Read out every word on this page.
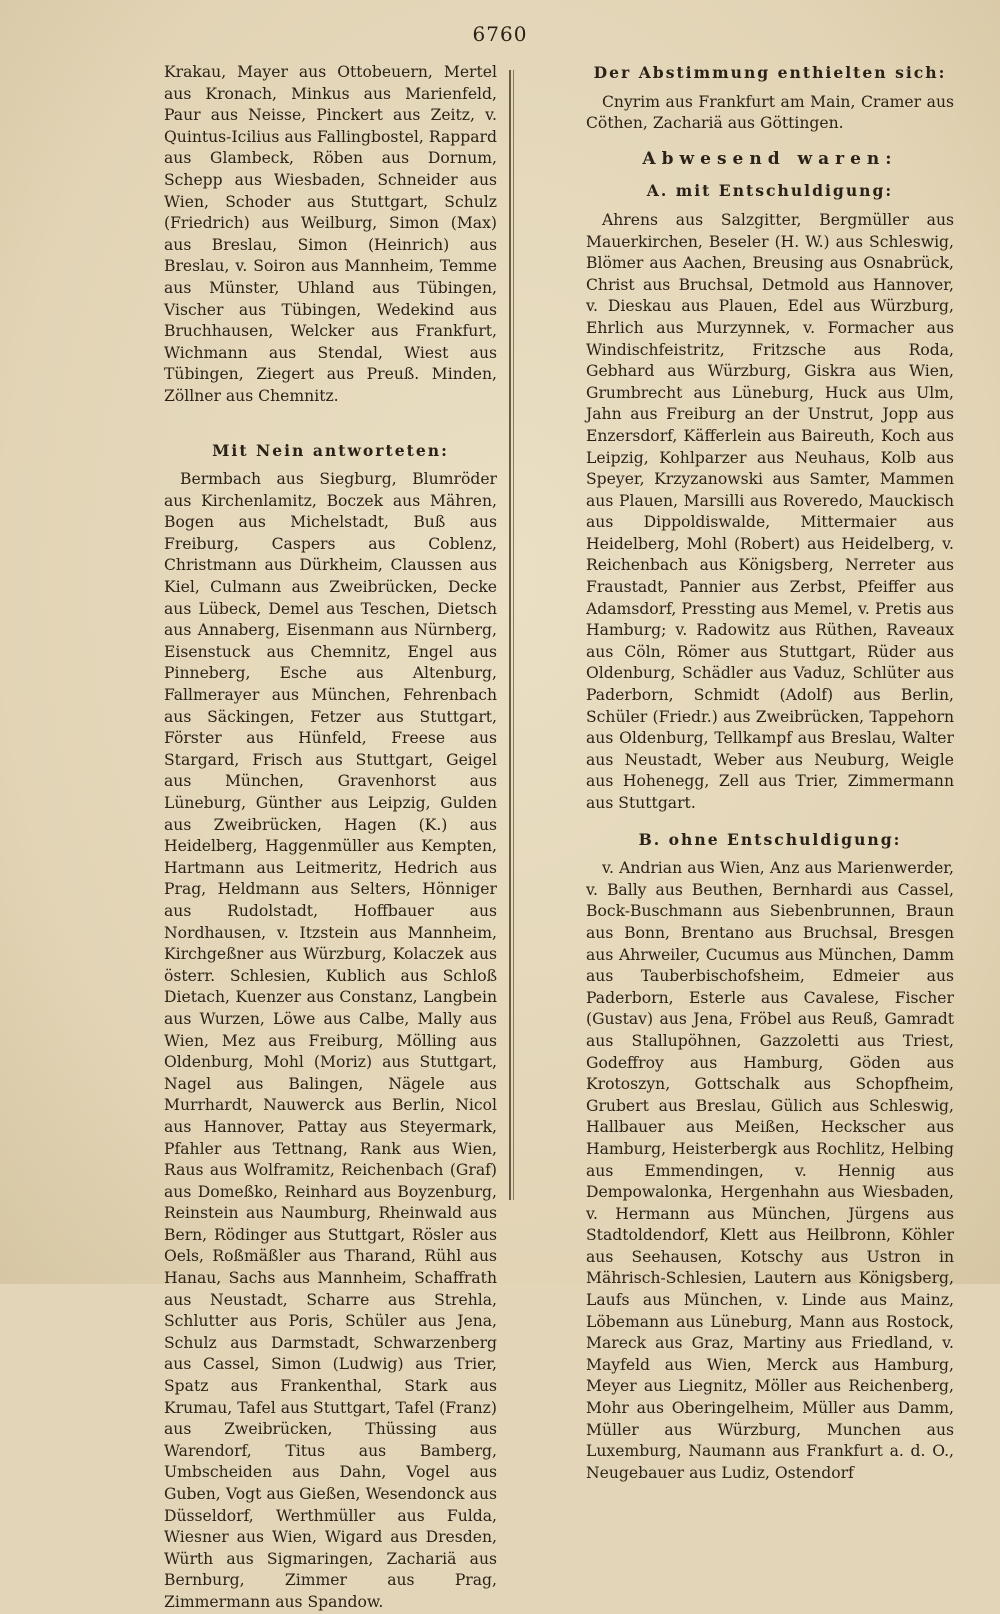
6760

Krakau, Mayer aus Ottobeuern, Mertel aus Kronach, Minkus aus Marienfeld, Paur aus Neisse, Pinckert aus Zeitz, v. Quintus-Icilius aus Fallingbostel, Rappard aus Glambeck, Röben aus Dornum, Schepp aus Wiesbaden, Schneider aus Wien, Schoder aus Stuttgart, Schulz (Friedrich) aus Weilburg, Simon (Max) aus Breslau, Simon (Heinrich) aus Breslau, v. Soiron aus Mannheim, Temme aus Münster, Uhland aus Tübingen, Vischer aus Tübingen, Wedekind aus Bruchhausen, Welcker aus Frankfurt, Wichmann aus Stendal, Wiest aus Tübingen, Ziegert aus Preuß. Minden, Zöllner aus Chemnitz.

Mit Nein antworteten:

Bermbach aus Siegburg, Blumröder aus Kirchenlamitz, Boczek aus Mähren, Bogen aus Michelstadt, Buß aus Freiburg, Caspers aus Coblenz, Christmann aus Dürkheim, Claussen aus Kiel, Culmann aus Zweibrücken, Decke aus Lübeck, Demel aus Teschen, Dietsch aus Annaberg, Eisenmann aus Nürnberg, Eisenstuck aus Chemnitz, Engel aus Pinneberg, Esche aus Altenburg, Fallmerayer aus München, Fehrenbach aus Säckingen, Fetzer aus Stuttgart, Förster aus Hünfeld, Freese aus Stargard, Frisch aus Stuttgart, Geigel aus München, Gravenhorst aus Lüneburg, Günther aus Leipzig, Gulden aus Zweibrücken, Hagen (K.) aus Heidelberg, Haggenmüller aus Kempten, Hartmann aus Leitmeritz, Hedrich aus Prag, Heldmann aus Selters, Hönniger aus Rudolstadt, Hoffbauer aus Nordhausen, v. Itzstein aus Mannheim, Kirchgeßner aus Würzburg, Kolaczek aus österr. Schlesien, Kublich aus Schloß Dietach, Kuenzer aus Constanz, Langbein aus Wurzen, Löwe aus Calbe, Mally aus Wien, Mez aus Freiburg, Mölling aus Oldenburg, Mohl (Moriz) aus Stuttgart, Nagel aus Balingen, Nägele aus Murrhardt, Nauwerck aus Berlin, Nicol aus Hannover, Pattay aus Steyermark, Pfahler aus Tettnang, Rank aus Wien, Raus aus Wolframitz, Reichenbach (Graf) aus Domeßko, Reinhard aus Boyzenburg, Reinstein aus Naumburg, Rheinwald aus Bern, Rödinger aus Stuttgart, Rösler aus Oels, Roßmäßler aus Tharand, Rühl aus Hanau, Sachs aus Mannheim, Schaffrath aus Neustadt, Scharre aus Strehla, Schlutter aus Poris, Schüler aus Jena, Schulz aus Darmstadt, Schwarzenberg aus Cassel, Simon (Ludwig) aus Trier, Spatz aus Frankenthal, Stark aus Krumau, Tafel aus Stuttgart, Tafel (Franz) aus Zweibrücken, Thüssing aus Warendorf, Titus aus Bamberg, Umbscheiden aus Dahn, Vogel aus Guben, Vogt aus Gießen, Wesendonck aus Düsseldorf, Werthmüller aus Fulda, Wiesner aus Wien, Wigard aus Dresden, Würth aus Sigmaringen, Zachariä aus Bernburg, Zimmer aus Prag, Zimmermann aus Spandow.

Der Abstimmung enthielten sich:

Cnyrim aus Frankfurt am Main, Cramer aus Cöthen, Zachariä aus Göttingen.

Abwesend waren:
A. mit Entschuldigung:

Ahrens aus Salzgitter, Bergmüller aus Mauerkirchen, Beseler (H. W.) aus Schleswig, Blömer aus Aachen, Breusing aus Osnabrück, Christ aus Bruchsal, Detmold aus Hannover, v. Dieskau aus Plauen, Edel aus Würzburg, Ehrlich aus Murzynnek, v. Formacher aus Windischfeistritz, Fritzsche aus Roda, Gebhard aus Würzburg, Giskra aus Wien, Grumbrecht aus Lüneburg, Huck aus Ulm, Jahn aus Freiburg an der Unstrut, Jopp aus Enzersdorf, Käfferlein aus Baireuth, Koch aus Leipzig, Kohlparzer aus Neuhaus, Kolb aus Speyer, Krzyzanowski aus Samter, Mammen aus Plauen, Marsilli aus Roveredo, Mauckisch aus Dippoldiswalde, Mittermaier aus Heidelberg, Mohl (Robert) aus Heidelberg, v. Reichenbach aus Königsberg, Nerreter aus Fraustadt, Pannier aus Zerbst, Pfeiffer aus Adamsdorf, Pressting aus Memel, v. Pretis aus Hamburg; v. Radowitz aus Rüthen, Raveaux aus Cöln, Römer aus Stuttgart, Rüder aus Oldenburg, Schädler aus Vaduz, Schlüter aus Paderborn, Schmidt (Adolf) aus Berlin, Schüler (Friedr.) aus Zweibrücken, Tappehorn aus Oldenburg, Tellkampf aus Breslau, Walter aus Neustadt, Weber aus Neuburg, Weigle aus Hohenegg, Zell aus Trier, Zimmermann aus Stuttgart.

B. ohne Entschuldigung:

v. Andrian aus Wien, Anz aus Marienwerder, v. Bally aus Beuthen, Bernhardi aus Cassel, Bock-Buschmann aus Siebenbrunnen, Braun aus Bonn, Brentano aus Bruchsal, Bresgen aus Ahrweiler, Cucumus aus München, Damm aus Tauberbischofsheim, Edmeier aus Paderborn, Esterle aus Cavalese, Fischer (Gustav) aus Jena, Fröbel aus Reuß, Gamradt aus Stallupöhnen, Gazzoletti aus Triest, Godeffroy aus Hamburg, Göden aus Krotoszyn, Gottschalk aus Schopfheim, Grubert aus Breslau, Gülich aus Schleswig, Hallbauer aus Meißen, Heckscher aus Hamburg, Heisterbergk aus Rochlitz, Helbing aus Emmendingen, v. Hennig aus Dempowalonka, Hergenhahn aus Wiesbaden, v. Hermann aus München, Jürgens aus Stadtoldendorf, Klett aus Heilbronn, Köhler aus Seehausen, Kotschy aus Ustron in Mährisch-Schlesien, Lautern aus Königsberg, Laufs aus München, v. Linde aus Mainz, Löbemann aus Lüneburg, Mann aus Rostock, Mareck aus Graz, Martiny aus Friedland, v. Mayfeld aus Wien, Merck aus Hamburg, Meyer aus Liegnitz, Möller aus Reichenberg, Mohr aus Oberingelheim, Müller aus Damm, Müller aus Würzburg, Munchen aus Luxemburg, Naumann aus Frankfurt a. d. O., Neugebauer aus Ludiz, Ostendorf
